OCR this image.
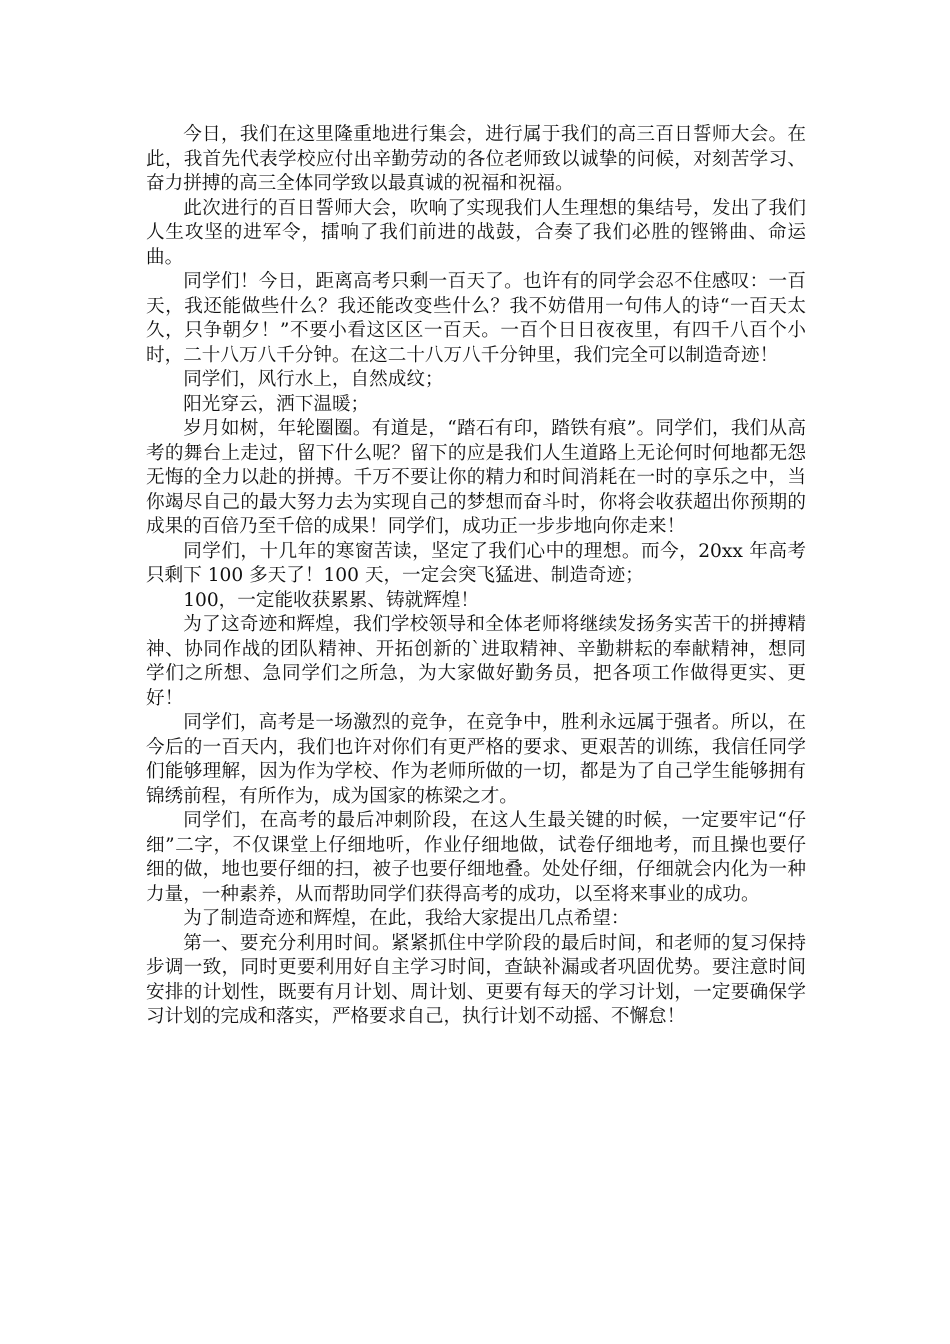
今日，我们在这里隆重地进行集会，进行属于我们的高三百日誓师大会。在此，我首先代表学校应付出辛勤劳动的各位老师致以诚挚的问候，对刻苦学习、奋力拼搏的高三全体同学致以最真诚的祝福和祝福。

此次进行的百日誓师大会，吹响了实现我们人生理想的集结号，发出了我们人生攻坚的进军令，擂响了我们前进的战鼓，合奏了我们必胜的铿锵曲、命运曲。

同学们！今日，距离高考只剩一百天了。也许有的同学会忍不住感叹：一百天，我还能做些什么？我还能改变些什么？我不妨借用一句伟人的诗“一百天太久，只争朝夕！”不要小看这区区一百天。一百个日日夜夜里，有四千八百个小时，二十八万八千分钟。在这二十八万八千分钟里，我们完全可以制造奇迹！

同学们，风行水上，自然成纹；

阳光穿云，洒下温暖；

岁月如树，年轮圈圈。有道是，“踏石有印，踏铁有痕”。同学们，我们从高考的舞台上走过，留下什么呢？留下的应是我们人生道路上无论何时何地都无怨无悔的全力以赴的拼搏。千万不要让你的精力和时间消耗在一时的享乐之中，当你竭尽自己的最大努力去为实现自己的梦想而奋斗时，你将会收获超出你预期的成果的百倍乃至千倍的成果！同学们，成功正一步步地向你走来！

同学们，十几年的寒窗苦读，坚定了我们心中的理想。而今，20xx 年高考只剩下 100 多天了！100 天，一定会突飞猛进、制造奇迹；

100，一定能收获累累、铸就辉煌！

为了这奇迹和辉煌，我们学校领导和全体老师将继续发扬务实苦干的拼搏精神、协同作战的团队精神、开拓创新的`进取精神、辛勤耕耘的奉献精神，想同学们之所想、急同学们之所急，为大家做好勤务员，把各项工作做得更实、更好！

同学们，高考是一场激烈的竞争，在竞争中，胜利永远属于强者。所以，在今后的一百天内，我们也许对你们有更严格的要求、更艰苦的训练，我信任同学们能够理解，因为作为学校、作为老师所做的一切，都是为了自己学生能够拥有锦绣前程，有所作为，成为国家的栋梁之才。

同学们，在高考的最后冲刺阶段，在这人生最关键的时候，一定要牢记“仔细”二字，不仅课堂上仔细地听，作业仔细地做，试卷仔细地考，而且操也要仔细的做，地也要仔细的扫，被子也要仔细地叠。处处仔细，仔细就会内化为一种力量，一种素养，从而帮助同学们获得高考的成功，以至将来事业的成功。

为了制造奇迹和辉煌，在此，我给大家提出几点希望：

第一、要充分利用时间。紧紧抓住中学阶段的最后时间，和老师的复习保持步调一致，同时更要利用好自主学习时间，查缺补漏或者巩固优势。要注意时间安排的计划性，既要有月计划、周计划、更要有每天的学习计划，一定要确保学习计划的完成和落实，严格要求自己，执行计划不动摇、不懈怠！
